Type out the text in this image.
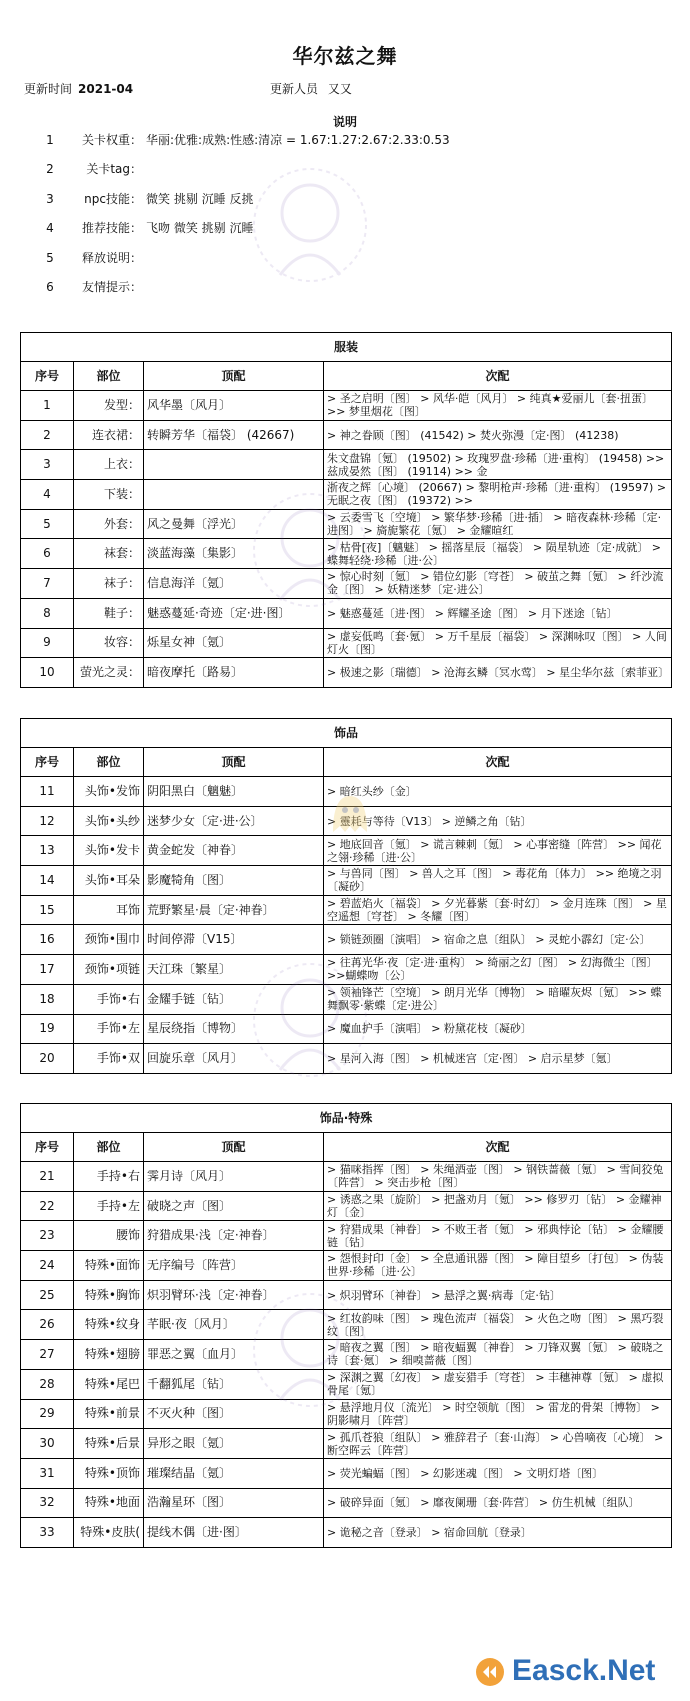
华尔兹之舞
更新时间 2021-04	更新人员 又又
说明
1	关卡权重： 华丽:优雅:成熟:性感:清凉 = 1.67:1.27:2.67:2.33:0.53
2	关卡tag：
3	npc技能： 微笑 挑剔 沉睡 反挑
4	推荐技能： 飞吻 微笑 挑剔 沉睡
5	释放说明：
6	友情提示：
服装			
序号	部位	顶配	次配
1	发型：	风华墨〔风月〕	> 圣之启明〔图〕 > 风华·皑〔风月〕 > 纯真★爱丽儿〔套·扭蛋〕 >> 梦里烟花〔图〕
2	连衣裙：	转瞬芳华〔福袋〕 (42667)	> 神之眷顾〔图〕 (41542) > 焚火弥漫〔定·图〕 (41238)
3	上衣：		朱文盘锦〔氪〕 (19502) > 玫瑰罗盘·珍稀〔进·重构〕 (19458) >> 兹成晏然〔图〕 (19114) >> 金
4	下装：		浙夜之辉〔心境〕 (20667) > 黎明枪声·珍稀〔进·重构〕 (19597) > 无眠之夜〔图〕 (19372) >>
5	外套：	风之曼舞〔浮光〕	> 云委雪飞〔空境〕 > 繁华梦·珍稀〔进·插〕 > 暗夜森林·珍稀〔定·进图〕 > 旖旎繁花〔氪〕 > 金耀暄红
6	袜套：	淡蓝海藻〔集影〕	> 枯骨[夜]〔魑魅〕 > 摇落星辰〔福袋〕 > 陨星轨迹〔定·成就〕 > 蝶舞轻绕·珍稀〔进·公〕
7	袜子：	信息海洋〔氪〕	> 惊心时刻〔氪〕 > 错位幻影〔穹苍〕 > 破茧之舞〔氪〕 > 纤沙流金〔图〕 > 妖精迷梦〔定·进公〕
8	鞋子：	魅惑蔓延·奇迹〔定·进·图〕	> 魅惑蔓延〔进·图〕 > 辉耀圣途〔图〕 > 月下迷途〔钻〕
9	妆容：	烁星女神〔氪〕	> 虚妄低鸣〔套·氪〕 > 万千星辰〔福袋〕 > 深渊咏叹〔图〕 > 人间灯火〔图〕
10	萤光之灵：	暗夜摩托〔路易〕	> 极速之影〔瑞德〕 > 沧海玄鳞〔冥水莺〕 > 星尘华尔兹〔索菲亚〕
饰品			
序号	部位	顶配	次配
11	头饰•发饰	阴阳黑白〔魑魅〕	> 暗红头纱〔金〕
12	头饰•头纱	迷梦少女〔定·进·公〕	> 靈耗与等待〔V13〕 > 逆鳞之角〔钻〕
13	头饰•发卡	黄金蛇发〔神眷〕	> 地底回音〔氪〕 > 谎言棘刺〔氪〕 > 心事密缝〔阵营〕 >> 闻花之翎·珍稀〔进·公〕
14	头饰•耳朵	影魔犄角〔图〕	> 与兽同〔图〕 > 兽人之耳〔图〕 > 毒花角〔体力〕 >> 绝境之羽〔凝砂〕
15	耳饰	荒野繁星·晨〔定·神眷〕	> 碧蓝焰火〔福袋〕 > 夕光暮紫〔套·时幻〕 > 金月连珠〔图〕 > 星空遥想〔穹苍〕 > 冬耀〔图〕
16	颈饰•围巾	时间停滞〔V15〕	> 锁链颈圈〔演唱〕 > 宿命之息〔组队〕 > 灵蛇小霹幻〔定·公〕
17	颈饰•项链	天江珠〔繁星〕	> 往苒光华·夜〔定·进·重构〕 > 绮丽之幻〔图〕 > 幻海微尘〔图〕 >>蝴蝶吻〔公〕
18	手饰•右	金耀手链〔钻〕	> 领袖锋芒〔空境〕 > 朗月光华〔博物〕 > 暗曜灰烬〔氪〕 >> 蝶舞飘零·紫蝶〔定·进公〕
19	手饰•左	星辰绕指〔博物〕	> 魔血护手〔演唱〕 > 粉黛花枝〔凝砂〕
20	手饰•双	回旋乐章〔风月〕	> 星河入海〔图〕 > 机械迷宫〔定·图〕 > 启示星梦〔氪〕
饰品·特殊			
序号	部位	顶配	次配
21	手持•右	霁月诗〔风月〕	> 猫咪指挥〔图〕 > 朱绳酒壶〔图〕 > 钢铁蔷薇〔氪〕 > 雪间狡兔〔阵营〕 > 突击步枪〔图〕
22	手持•左	破晓之声〔图〕	> 诱惑之果〔旋阶〕 > 把盏劝月〔氪〕 >> 修罗刃〔钻〕 > 金耀神灯〔金〕
23	腰饰	狩猎成果·浅〔定·神眷〕	> 狩猎成果〔神眷〕 > 不败王者〔氪〕 > 邪典悖论〔钻〕 > 金耀腰链〔钻〕
24	特殊•面饰	无序编号〔阵营〕	> 怨恨封印〔金〕 > 全息通讯器〔图〕 > 障目望乡〔打包〕 > 伪装世界·珍稀〔进·公〕
25	特殊•胸饰	炽羽臂环·浅〔定·神眷〕	> 炽羽臂环〔神眷〕 > 悬浮之翼·病毒〔定·钻〕
26	特殊•纹身	芊眠·夜〔风月〕	> 红妆韵味〔图〕 > 瑰色流声〔福袋〕 > 火色之吻〔图〕 > 黑巧裂纹〔图〕
27	特殊•翅膀	罪恶之翼〔血月〕	> 暗夜之翼〔图〕 > 暗夜蝠翼〔神眷〕 > 刀锋双翼〔氪〕 > 破晓之诗〔套·氪〕 > 细嗅蔷薇〔图〕
28	特殊•尾巴	千翻狐尾〔钻〕	> 深渊之翼〔幻夜〕 > 虚妄猎手〔穹苍〕 > 丰穗神尊〔氪〕 > 虚拟骨尾〔氪〕
29	特殊•前景	不灭火种〔图〕	> 悬浮地月仪〔流光〕 > 时空领航〔图〕 > 雷龙的骨架〔博物〕 > 阴影啸月〔阵营〕
30	特殊•后景	异形之眼〔氪〕	> 孤爪苍狼〔组队〕 > 雅辞君子〔套·山海〕 > 心兽嘀夜〔心境〕 > 断空晖云〔阵营〕
31	特殊•顶饰	璀璨结晶〔氪〕	> 荧光蝙蝠〔图〕 > 幻影迷魂〔图〕 > 文明灯塔〔图〕
32	特殊•地面	浩瀚星环〔图〕	> 破碎异面〔氪〕 > 靡夜阑珊〔套·阵营〕 > 仿生机械〔组队〕
33	特殊•皮肤(	提线木偶〔进·图〕	> 诡秘之音〔登录〕 > 宿命回航〔登录〕
Easck.Net
